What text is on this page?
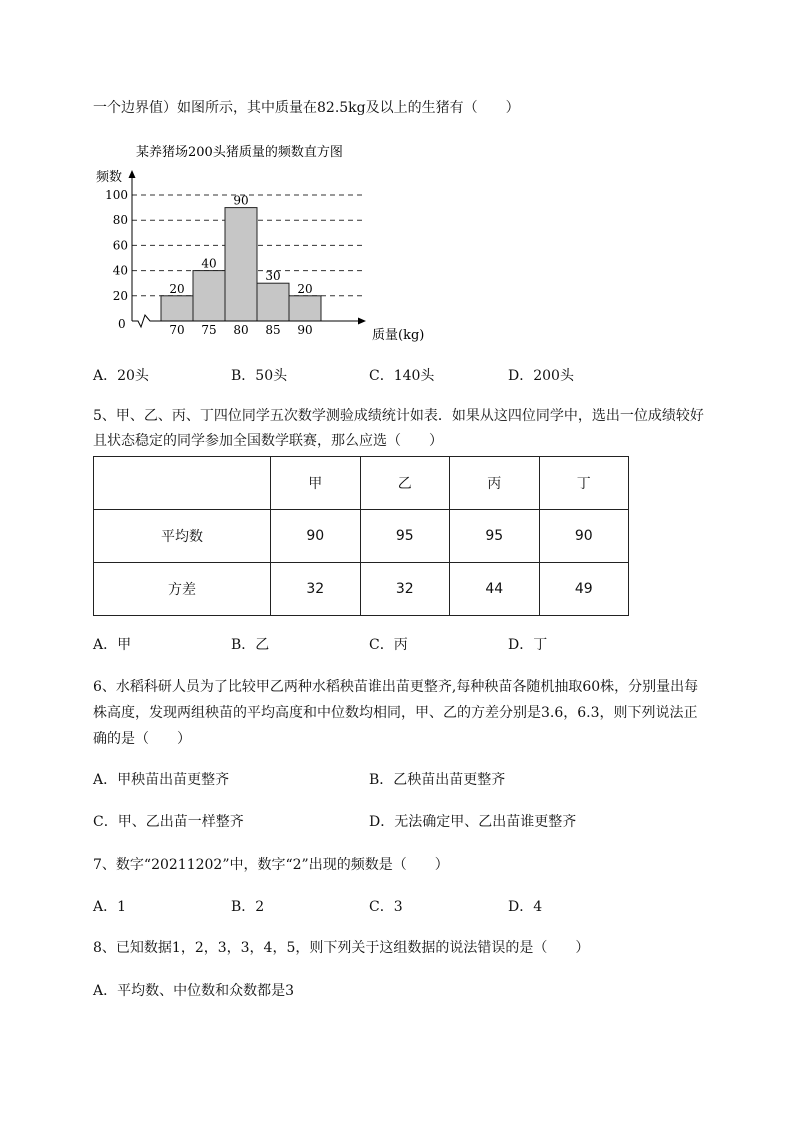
一个边界值）如图所示，其中质量在82.5kg及以上的生猪有（　　）
某养猪场200头猪质量的频数直方图
频数
质量(kg)
0
20
40
60
80
100
20
40
90
30
20
70 75 80 85 90
A．20头	B．50头	C．140头	D．200头
5、甲、乙、丙、丁四位同学五次数学测验成绩统计如表．如果从这四位同学中，选出一位成绩较好
且状态稳定的同学参加全国数学联赛，那么应选（　　）
	甲	乙	丙	丁
平均数	90	95	95	90
方差	32	32	44	49
A．甲	B．乙	C．丙	D．丁
6、水稻科研人员为了比较甲乙两种水稻秧苗谁出苗更整齐,每种秧苗各随机抽取60株，分别量出每
株高度，发现两组秧苗的平均高度和中位数均相同，甲、乙的方差分别是3.6，6.3，则下列说法正
确的是（　　）
A．甲秧苗出苗更整齐	B．乙秧苗出苗更整齐
C．甲、乙出苗一样整齐	D．无法确定甲、乙出苗谁更整齐
7、数字“20211202”中，数字“2”出现的频数是（　　）
A．1	B．2	C．3	D．4
8、已知数据1，2，3，3，4，5，则下列关于这组数据的说法错误的是（　　）
A．平均数、中位数和众数都是3
